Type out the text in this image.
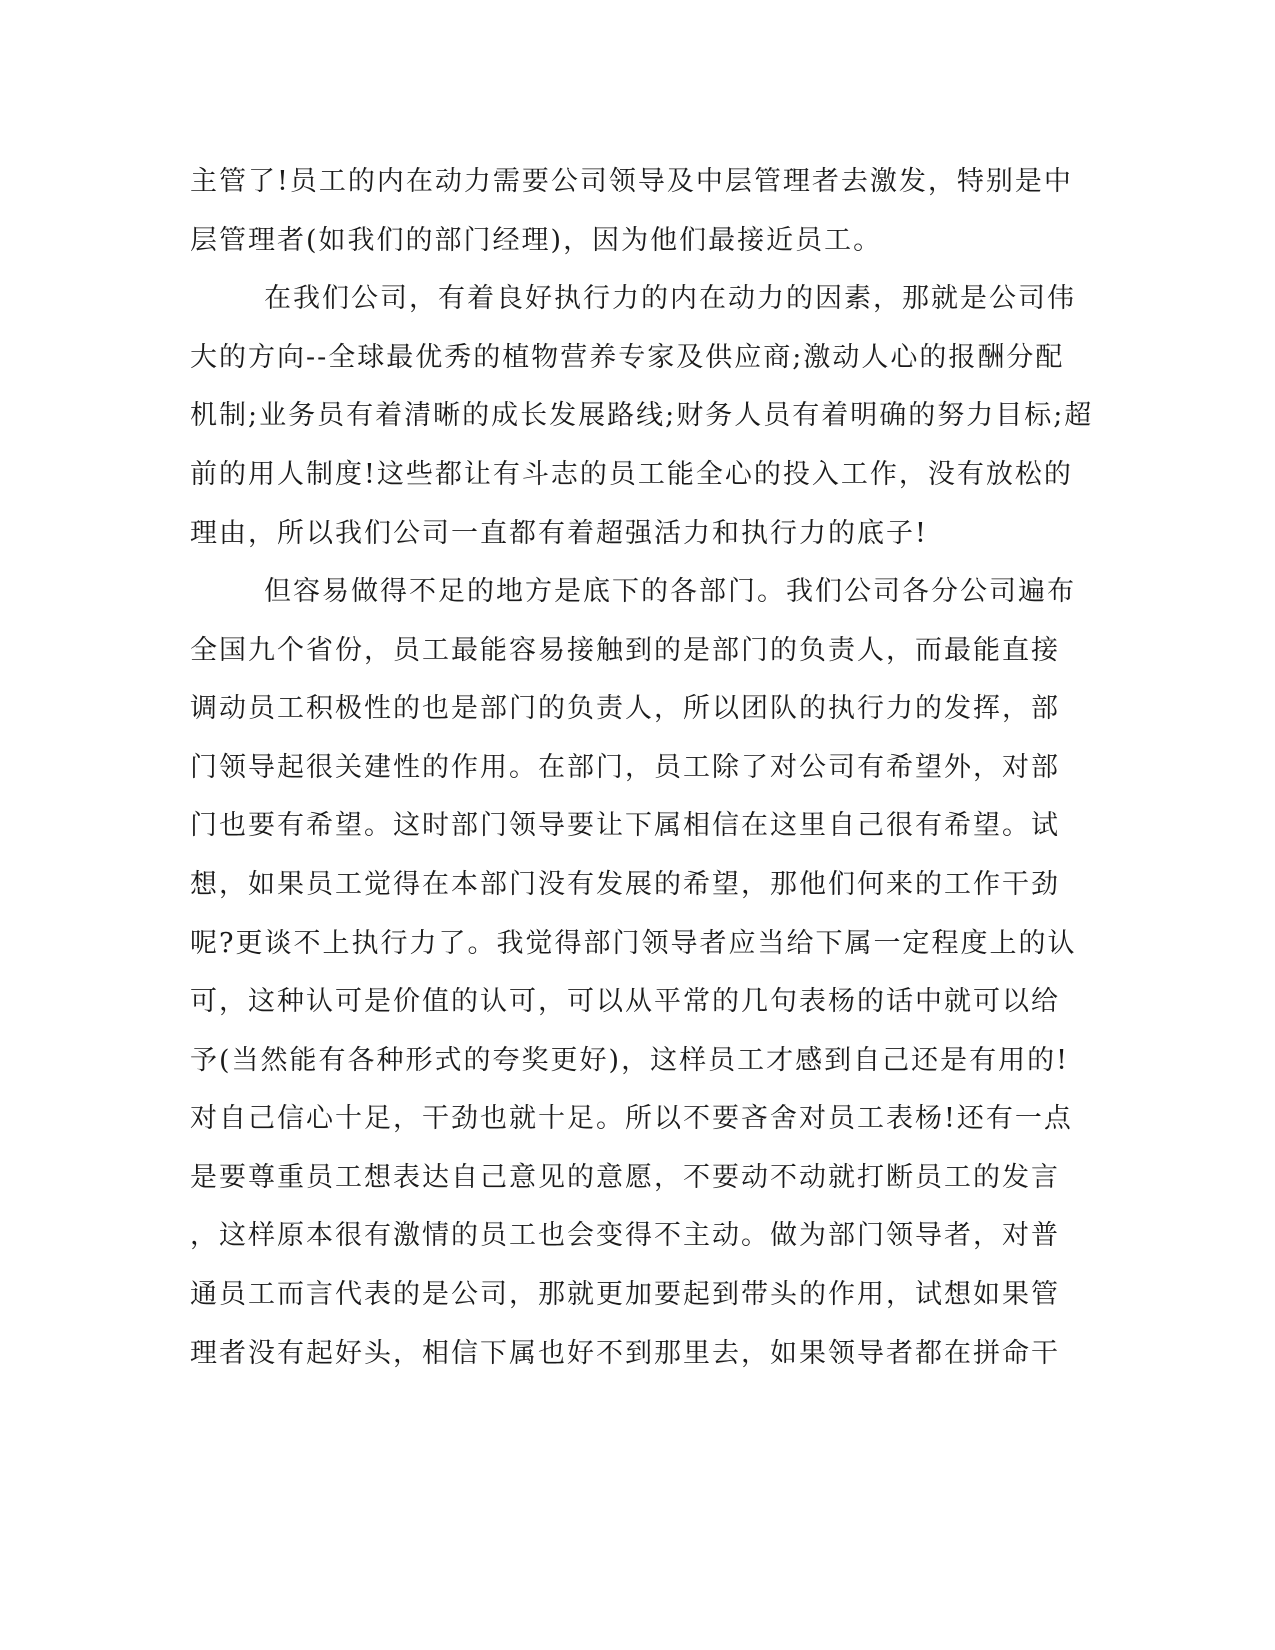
主管了!员工的内在动力需要公司领导及中层管理者去激发，特别是中
层管理者(如我们的部门经理)，因为他们最接近员工。
在我们公司，有着良好执行力的内在动力的因素，那就是公司伟
大的方向--全球最优秀的植物营养专家及供应商;激动人心的报酬分配
机制;业务员有着清晰的成长发展路线;财务人员有着明确的努力目标;超
前的用人制度!这些都让有斗志的员工能全心的投入工作，没有放松的
理由，所以我们公司一直都有着超强活力和执行力的底子!
但容易做得不足的地方是底下的各部门。我们公司各分公司遍布
全国九个省份，员工最能容易接触到的是部门的负责人，而最能直接
调动员工积极性的也是部门的负责人，所以团队的执行力的发挥，部
门领导起很关建性的作用。在部门，员工除了对公司有希望外，对部
门也要有希望。这时部门领导要让下属相信在这里自己很有希望。试
想，如果员工觉得在本部门没有发展的希望，那他们何来的工作干劲
呢?更谈不上执行力了。我觉得部门领导者应当给下属一定程度上的认
可，这种认可是价值的认可，可以从平常的几句表杨的话中就可以给
予(当然能有各种形式的夸奖更好)，这样员工才感到自己还是有用的!
对自己信心十足，干劲也就十足。所以不要吝舍对员工表杨!还有一点
是要尊重员工想表达自己意见的意愿，不要动不动就打断员工的发言
，这样原本很有激情的员工也会变得不主动。做为部门领导者，对普
通员工而言代表的是公司，那就更加要起到带头的作用，试想如果管
理者没有起好头，相信下属也好不到那里去，如果领导者都在拼命干
